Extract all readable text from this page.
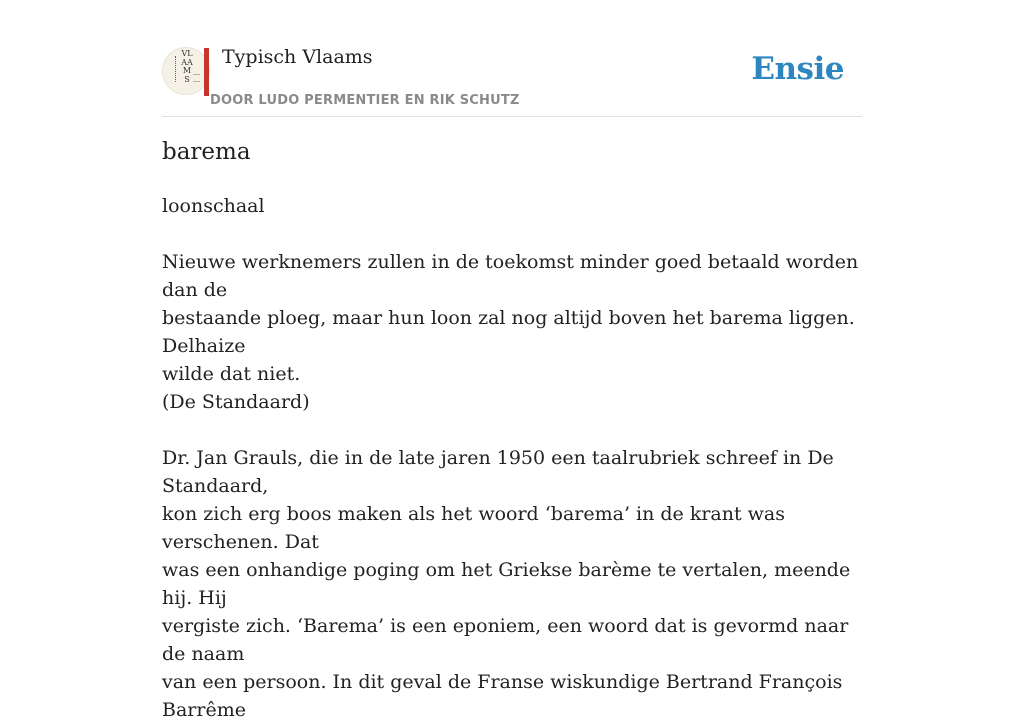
VLAAMS
Typisch Vlaams
DOOR LUDO PERMENTIER EN RIK SCHUTZ
Ensie
barema

loonschaal

Nieuwe werknemers zullen in de toekomst minder goed betaald worden dan de

bestaande ploeg, maar hun loon zal nog altijd boven het barema liggen. Delhaize

wilde dat niet.

(De Standaard)

Dr. Jan Grauls, die in de late jaren 1950 een taalrubriek schreef in De Standaard,

kon zich erg boos maken als het woord ‘barema’ in de krant was verschenen. Dat

was een onhandige poging om het Griekse barème te vertalen, meende hij. Hij

vergiste zich. ‘Barema’ is een eponiem, een woord dat is gevormd naar de naam

van een persoon. In dit geval de Franse wiskundige Bertrand François Barrême
